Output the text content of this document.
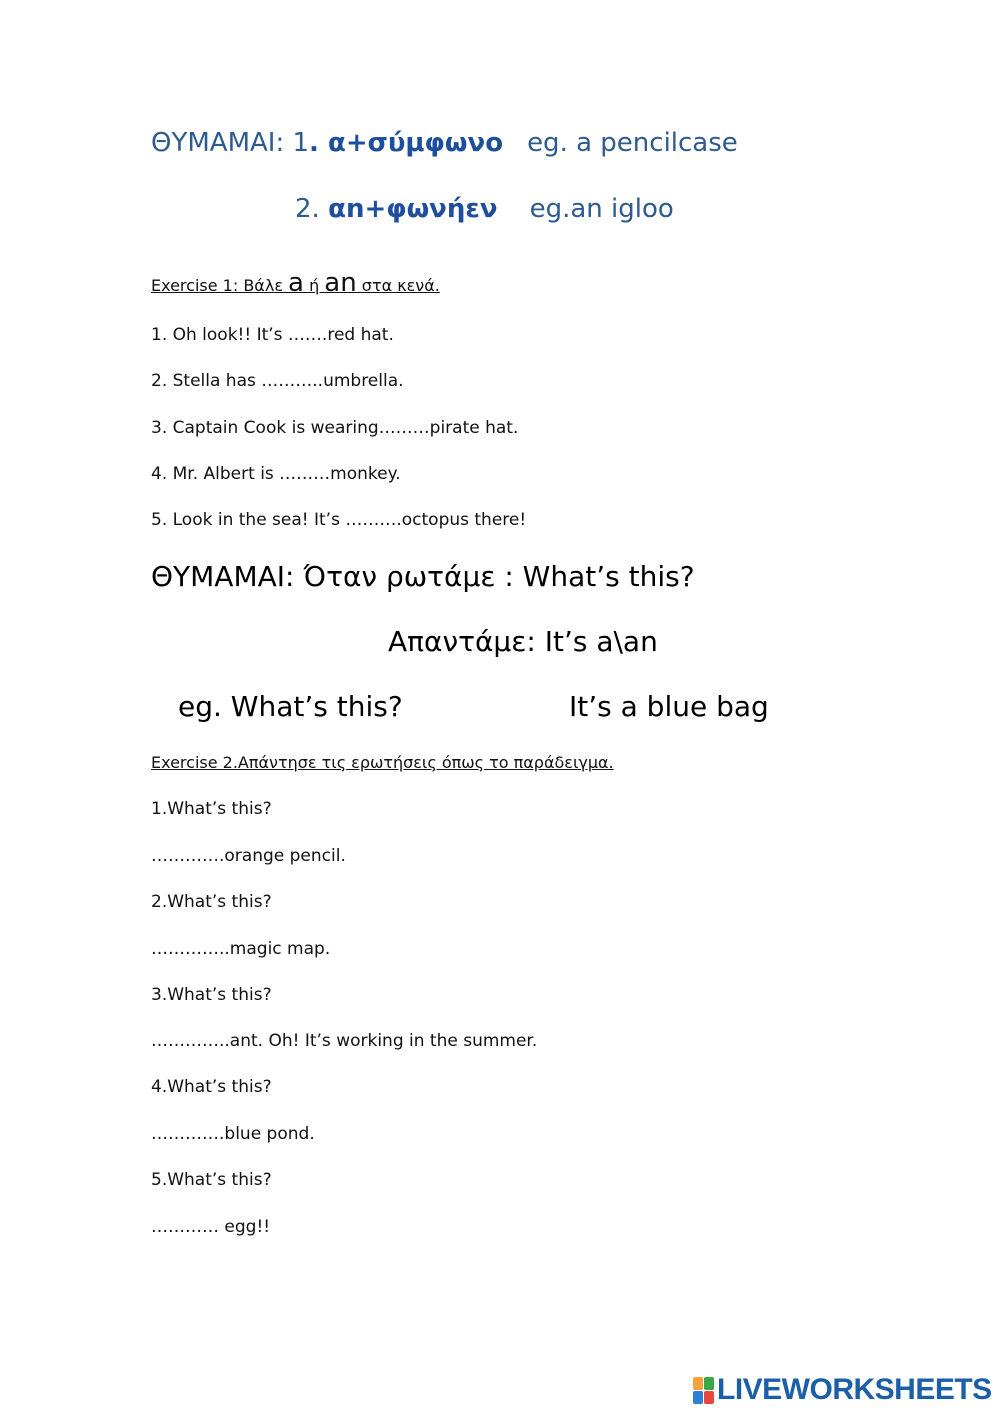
ΘΥΜΑΜΑΙ: 1. α+σύμφωνο eg. a pencilcase
2. αn+φωνήεν eg.an igloo
Exercise 1: Βάλε a ή an στα κενά.
1. Oh look!! It’s …….red hat.
2. Stella has ………..umbrella.
3. Captain Cook is wearing………pirate hat.
4. Mr. Albert is ………monkey.
5. Look in the sea! It’s ……….octopus there!
ΘΥΜΑΜΑΙ: Όταν ρωτάμε : What’s this?
Απαντάμε: It’s a\an
eg. What’s this?	It’s a blue bag
Exercise 2.Απάντησε τις ερωτήσεις όπως το παράδειγμα.
1.What’s this?
………….orange pencil.
2.What’s this?
…………..magic map.
3.What’s this?
…………..ant. Oh! It’s working in the summer.
4.What’s this?
………….blue pond.
5.What’s this?
………… egg!!
LIVEWORKSHEETS
